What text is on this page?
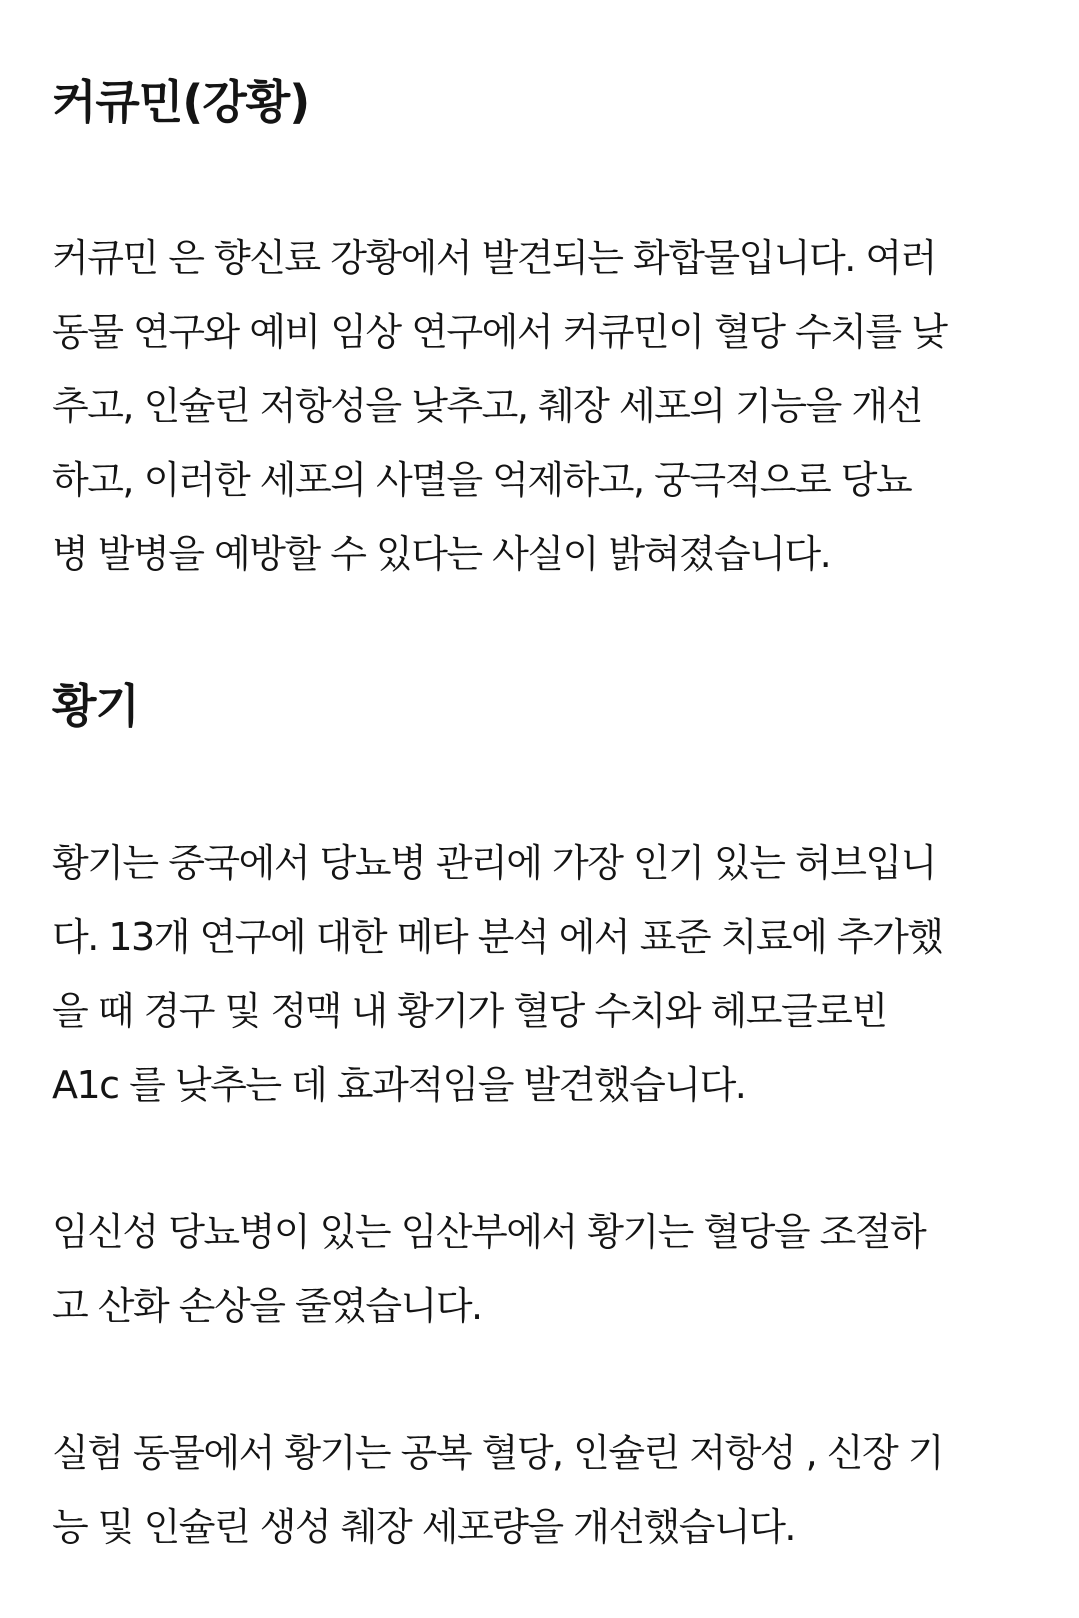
커큐민(강황)

커큐민 은 향신료 강황에서 발견되는 화합물입니다. 여러

동물 연구와 예비 임상 연구에서 커큐민이 혈당 수치를 낮

추고, 인슐린 저항성을 낮추고, 췌장 세포의 기능을 개선

하고, 이러한 세포의 사멸을 억제하고, 궁극적으로 당뇨

병 발병을 예방할 수 있다는 사실이 밝혀졌습니다.

황기

황기는 중국에서 당뇨병 관리에 가장 인기 있는 허브입니

다. 13개 연구에 대한 메타 분석 에서 표준 치료에 추가했

을 때 경구 및 정맥 내 황기가 혈당 수치와 헤모글로빈

A1c 를 낮추는 데 효과적임을 발견했습니다.

임신성 당뇨병이 있는 임산부에서 황기는 혈당을 조절하

고 산화 손상을 줄였습니다.

실험 동물에서 황기는 공복 혈당, 인슐린 저항성 , 신장 기

능 및 인슐린 생성 췌장 세포량을 개선했습니다.
